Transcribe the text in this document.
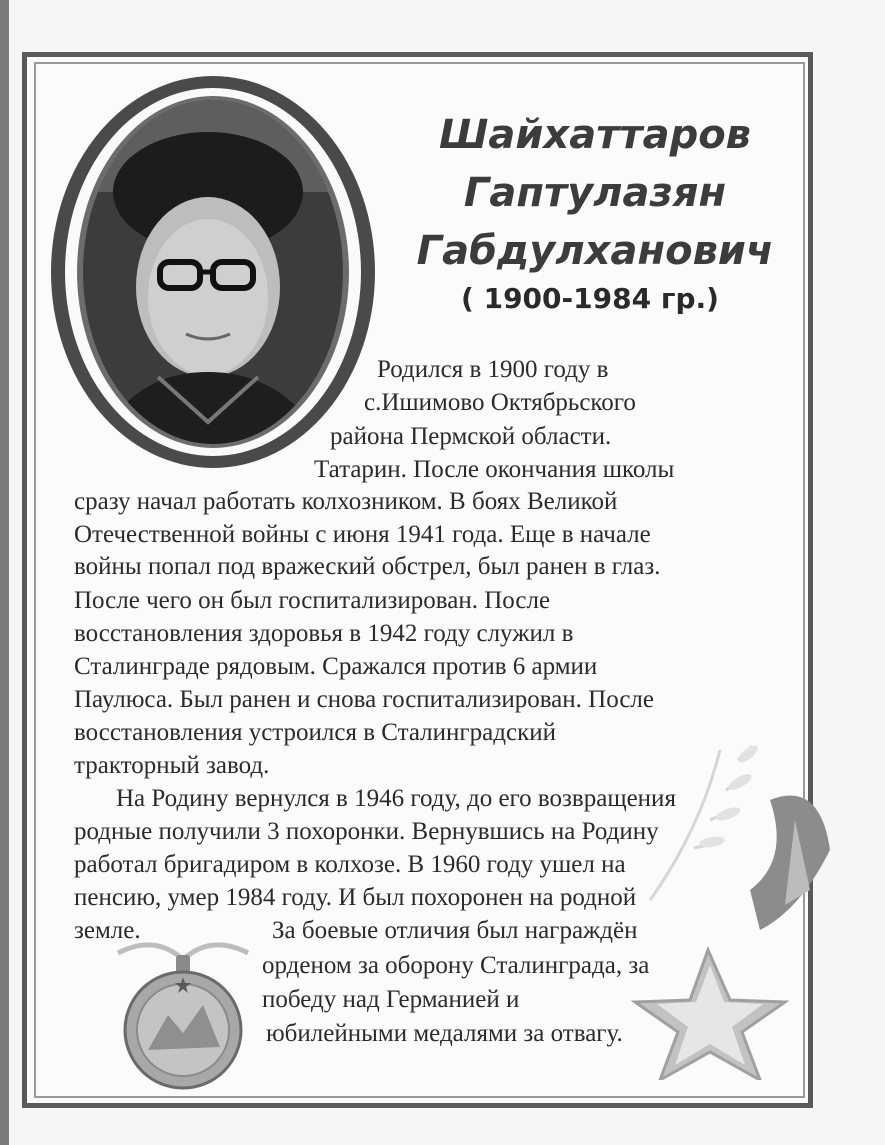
Шайхаттаров
Гаптулазян
Габдулханович
( 1900-1984 гр.)
Родился в 1900 году в
с.Ишимово Октябрьского
района Пермской области.
Татарин. После окончания школы
сразу начал работать колхозником. В боях Великой
Отечественной войны с июня 1941 года. Еще в начале
войны попал под вражеский обстрел, был ранен в глаз.
После чего он был госпитализирован. После
восстановления здоровья в 1942 году служил в
Сталинграде рядовым. Сражался против 6 армии
Паулюса. Был ранен и снова госпитализирован. После
восстановления устроился в Сталинградский
тракторный завод.
На Родину вернулся в 1946 году, до его возвращения
родные получили 3 похоронки. Вернувшись на Родину
работал бригадиром в колхозе. В 1960 году ушел на
пенсию, умер 1984 году. И был похоронен на родной
земле.	За боевые отличия был награждён
орденом за оборону Сталинграда, за
победу над Германией и
юбилейными медалями за отвагу.
